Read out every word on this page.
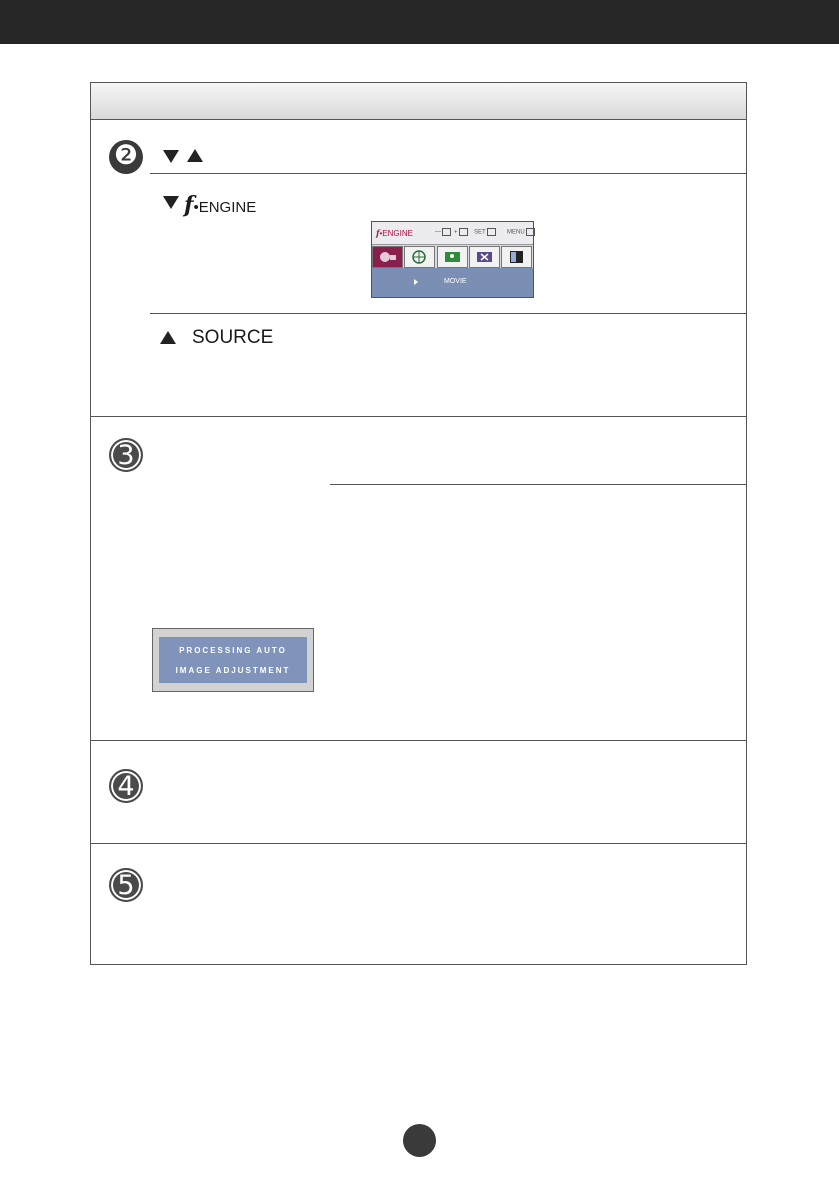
❷
f•ENGINE
f•ENGINE	—	+	SET	MENU
MOVIE
SOURCE
3
PROCESSING AUTO
IMAGE ADJUSTMENT
4
5
